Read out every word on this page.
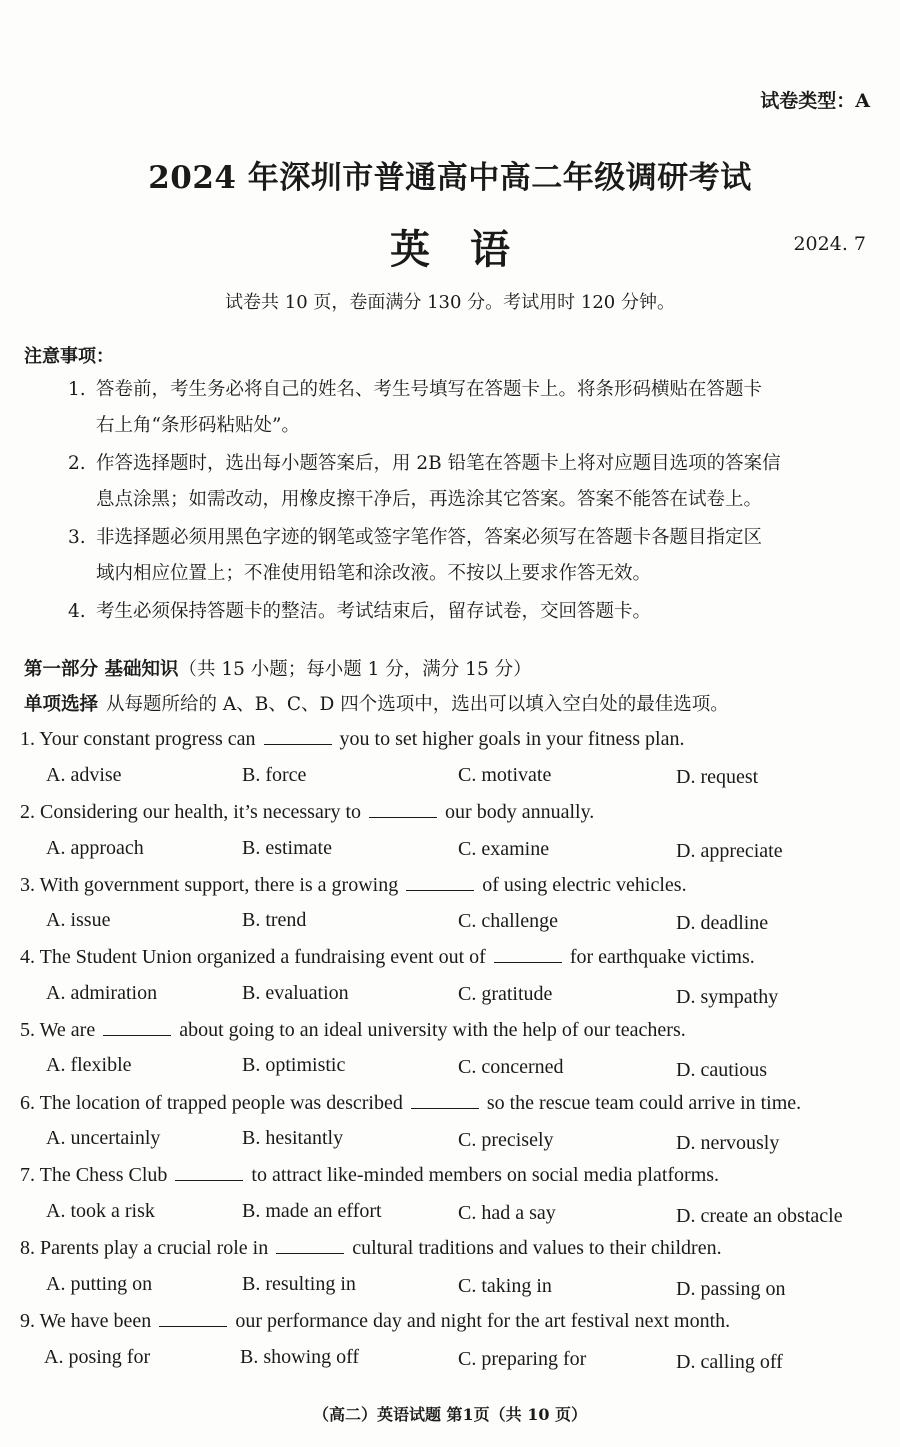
试卷类型：A
2024 年深圳市普通高中高二年级调研考试
英语	2024. 7
试卷共 10 页，卷面满分 130 分。考试用时 120 分钟。
注意事项：
1. 答卷前，考生务必将自己的姓名、考生号填写在答题卡上。将条形码横贴在答题卡
右上角“条形码粘贴处”。
2. 作答选择题时，选出每小题答案后，用 2B 铅笔在答题卡上将对应题目选项的答案信
息点涂黑；如需改动，用橡皮擦干净后，再选涂其它答案。答案不能答在试卷上。
3. 非选择题必须用黑色字迹的钢笔或签字笔作答，答案必须写在答题卡各题目指定区
域内相应位置上；不准使用铅笔和涂改液。不按以上要求作答无效。
4. 考生必须保持答题卡的整洁。考试结束后，留存试卷，交回答题卡。
第一部分 基础知识（共 15 小题；每小题 1 分，满分 15 分）
单项选择 从每题所给的 A、B、C、D 四个选项中，选出可以填入空白处的最佳选项。
1. Your constant progress can	you to set higher goals in your fitness plan.
A. advise	B. force	C. motivate	D. request
2. Considering our health, it’s necessary to	our body annually.
A. approach	B. estimate	C. examine	D. appreciate
3. With government support, there is a growing	of using electric vehicles.
A. issue	B. trend	C. challenge	D. deadline
4. The Student Union organized a fundraising event out of	for earthquake victims.
A. admiration	B. evaluation	C. gratitude	D. sympathy
5. We are	about going to an ideal university with the help of our teachers.
A. flexible	B. optimistic	C. concerned	D. cautious
6. The location of trapped people was described	so the rescue team could arrive in time.
A. uncertainly	B. hesitantly	C. precisely	D. nervously
7. The Chess Club	to attract like-minded members on social media platforms.
A. took a risk	B. made an effort	C. had a say	D. create an obstacle
8. Parents play a crucial role in	cultural traditions and values to their children.
A. putting on	B. resulting in	C. taking in	D. passing on
9. We have been	our performance day and night for the art festival next month.
A. posing for	B. showing off	C. preparing for	D. calling off
（高二）英语试题 第1页（共 10 页）
